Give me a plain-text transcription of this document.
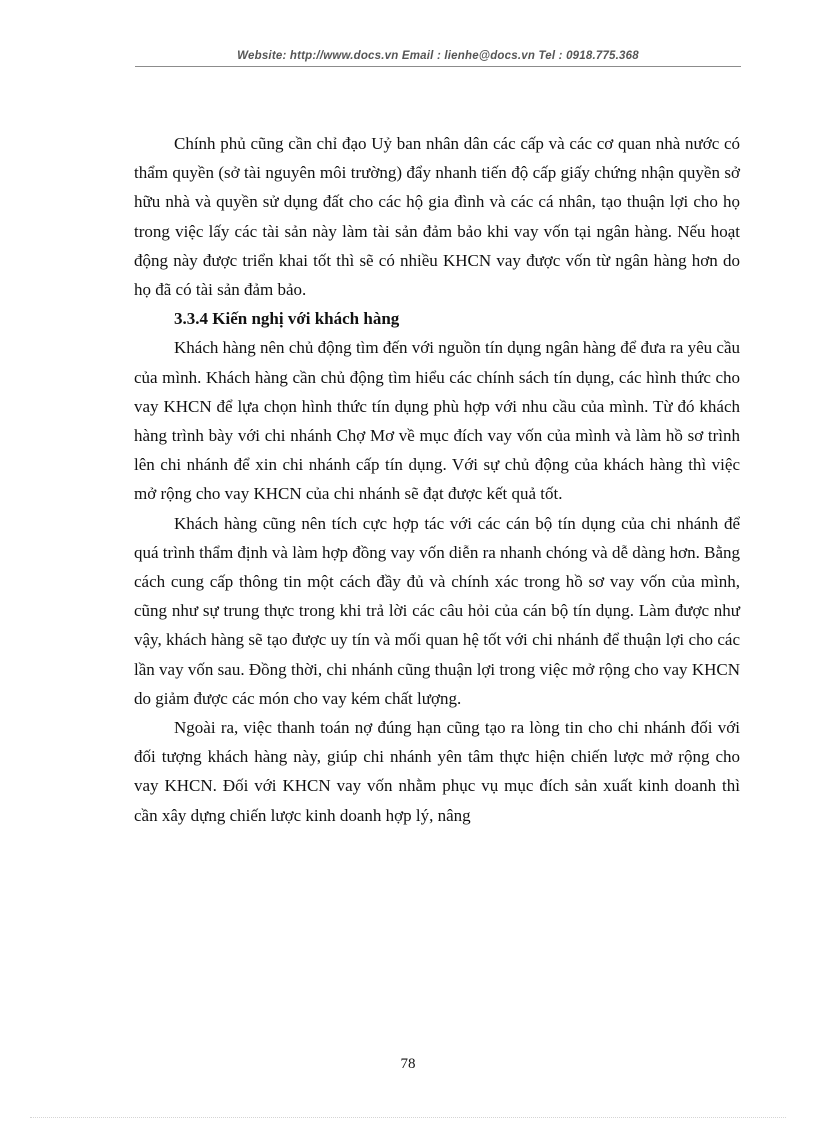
Website: http://www.docs.vn Email : lienhe@docs.vn Tel : 0918.775.368

Chính phủ cũng cần chỉ đạo Uỷ ban nhân dân các cấp và các cơ quan nhà nước có thẩm quyền (sở tài nguyên môi trường) đẩy nhanh tiến độ cấp giấy chứng nhận quyền sở hữu nhà và quyền sử dụng đất cho các hộ gia đình và các cá nhân, tạo thuận lợi cho họ trong việc lấy các tài sản này làm tài sản đảm bảo khi vay vốn tại ngân hàng. Nếu hoạt động này được triển khai tốt thì sẽ có nhiều KHCN vay được vốn từ ngân hàng hơn do họ đã có tài sản đảm bảo.

3.3.4 Kiến nghị với khách hàng

Khách hàng nên chủ động tìm đến với nguồn tín dụng ngân hàng để đưa ra yêu cầu của mình. Khách hàng cần chủ động tìm hiểu các chính sách tín dụng, các hình thức cho vay KHCN để lựa chọn hình thức tín dụng phù hợp với nhu cầu của mình. Từ đó khách hàng trình bày với chi nhánh Chợ Mơ về mục đích vay vốn của mình và làm hồ sơ trình lên chi nhánh để xin chi nhánh cấp tín dụng. Với sự chủ động của khách hàng thì việc mở rộng cho vay KHCN của chi nhánh sẽ đạt được kết quả tốt.

Khách hàng cũng nên tích cực hợp tác với các cán bộ tín dụng của chi nhánh để quá trình thẩm định và làm hợp đồng vay vốn diễn ra nhanh chóng và dễ dàng hơn. Bằng cách cung cấp thông tin một cách đầy đủ và chính xác trong hồ sơ vay vốn của mình, cũng như sự trung thực trong khi trả lời các câu hỏi của cán bộ tín dụng. Làm được như vậy, khách hàng sẽ tạo được uy tín và mối quan hệ tốt với chi nhánh để thuận lợi cho các lần vay vốn sau. Đồng thời, chi nhánh cũng thuận lợi trong việc mở rộng cho vay KHCN do giảm được các món cho vay kém chất lượng.

Ngoài ra, việc thanh toán nợ đúng hạn cũng tạo ra lòng tin cho chi nhánh đối với đối tượng khách hàng này, giúp chi nhánh yên tâm thực hiện chiến lược mở rộng cho vay KHCN. Đối với KHCN vay vốn nhằm phục vụ mục đích sản xuất kinh doanh thì cần xây dựng chiến lược kinh doanh hợp lý, nâng

78
